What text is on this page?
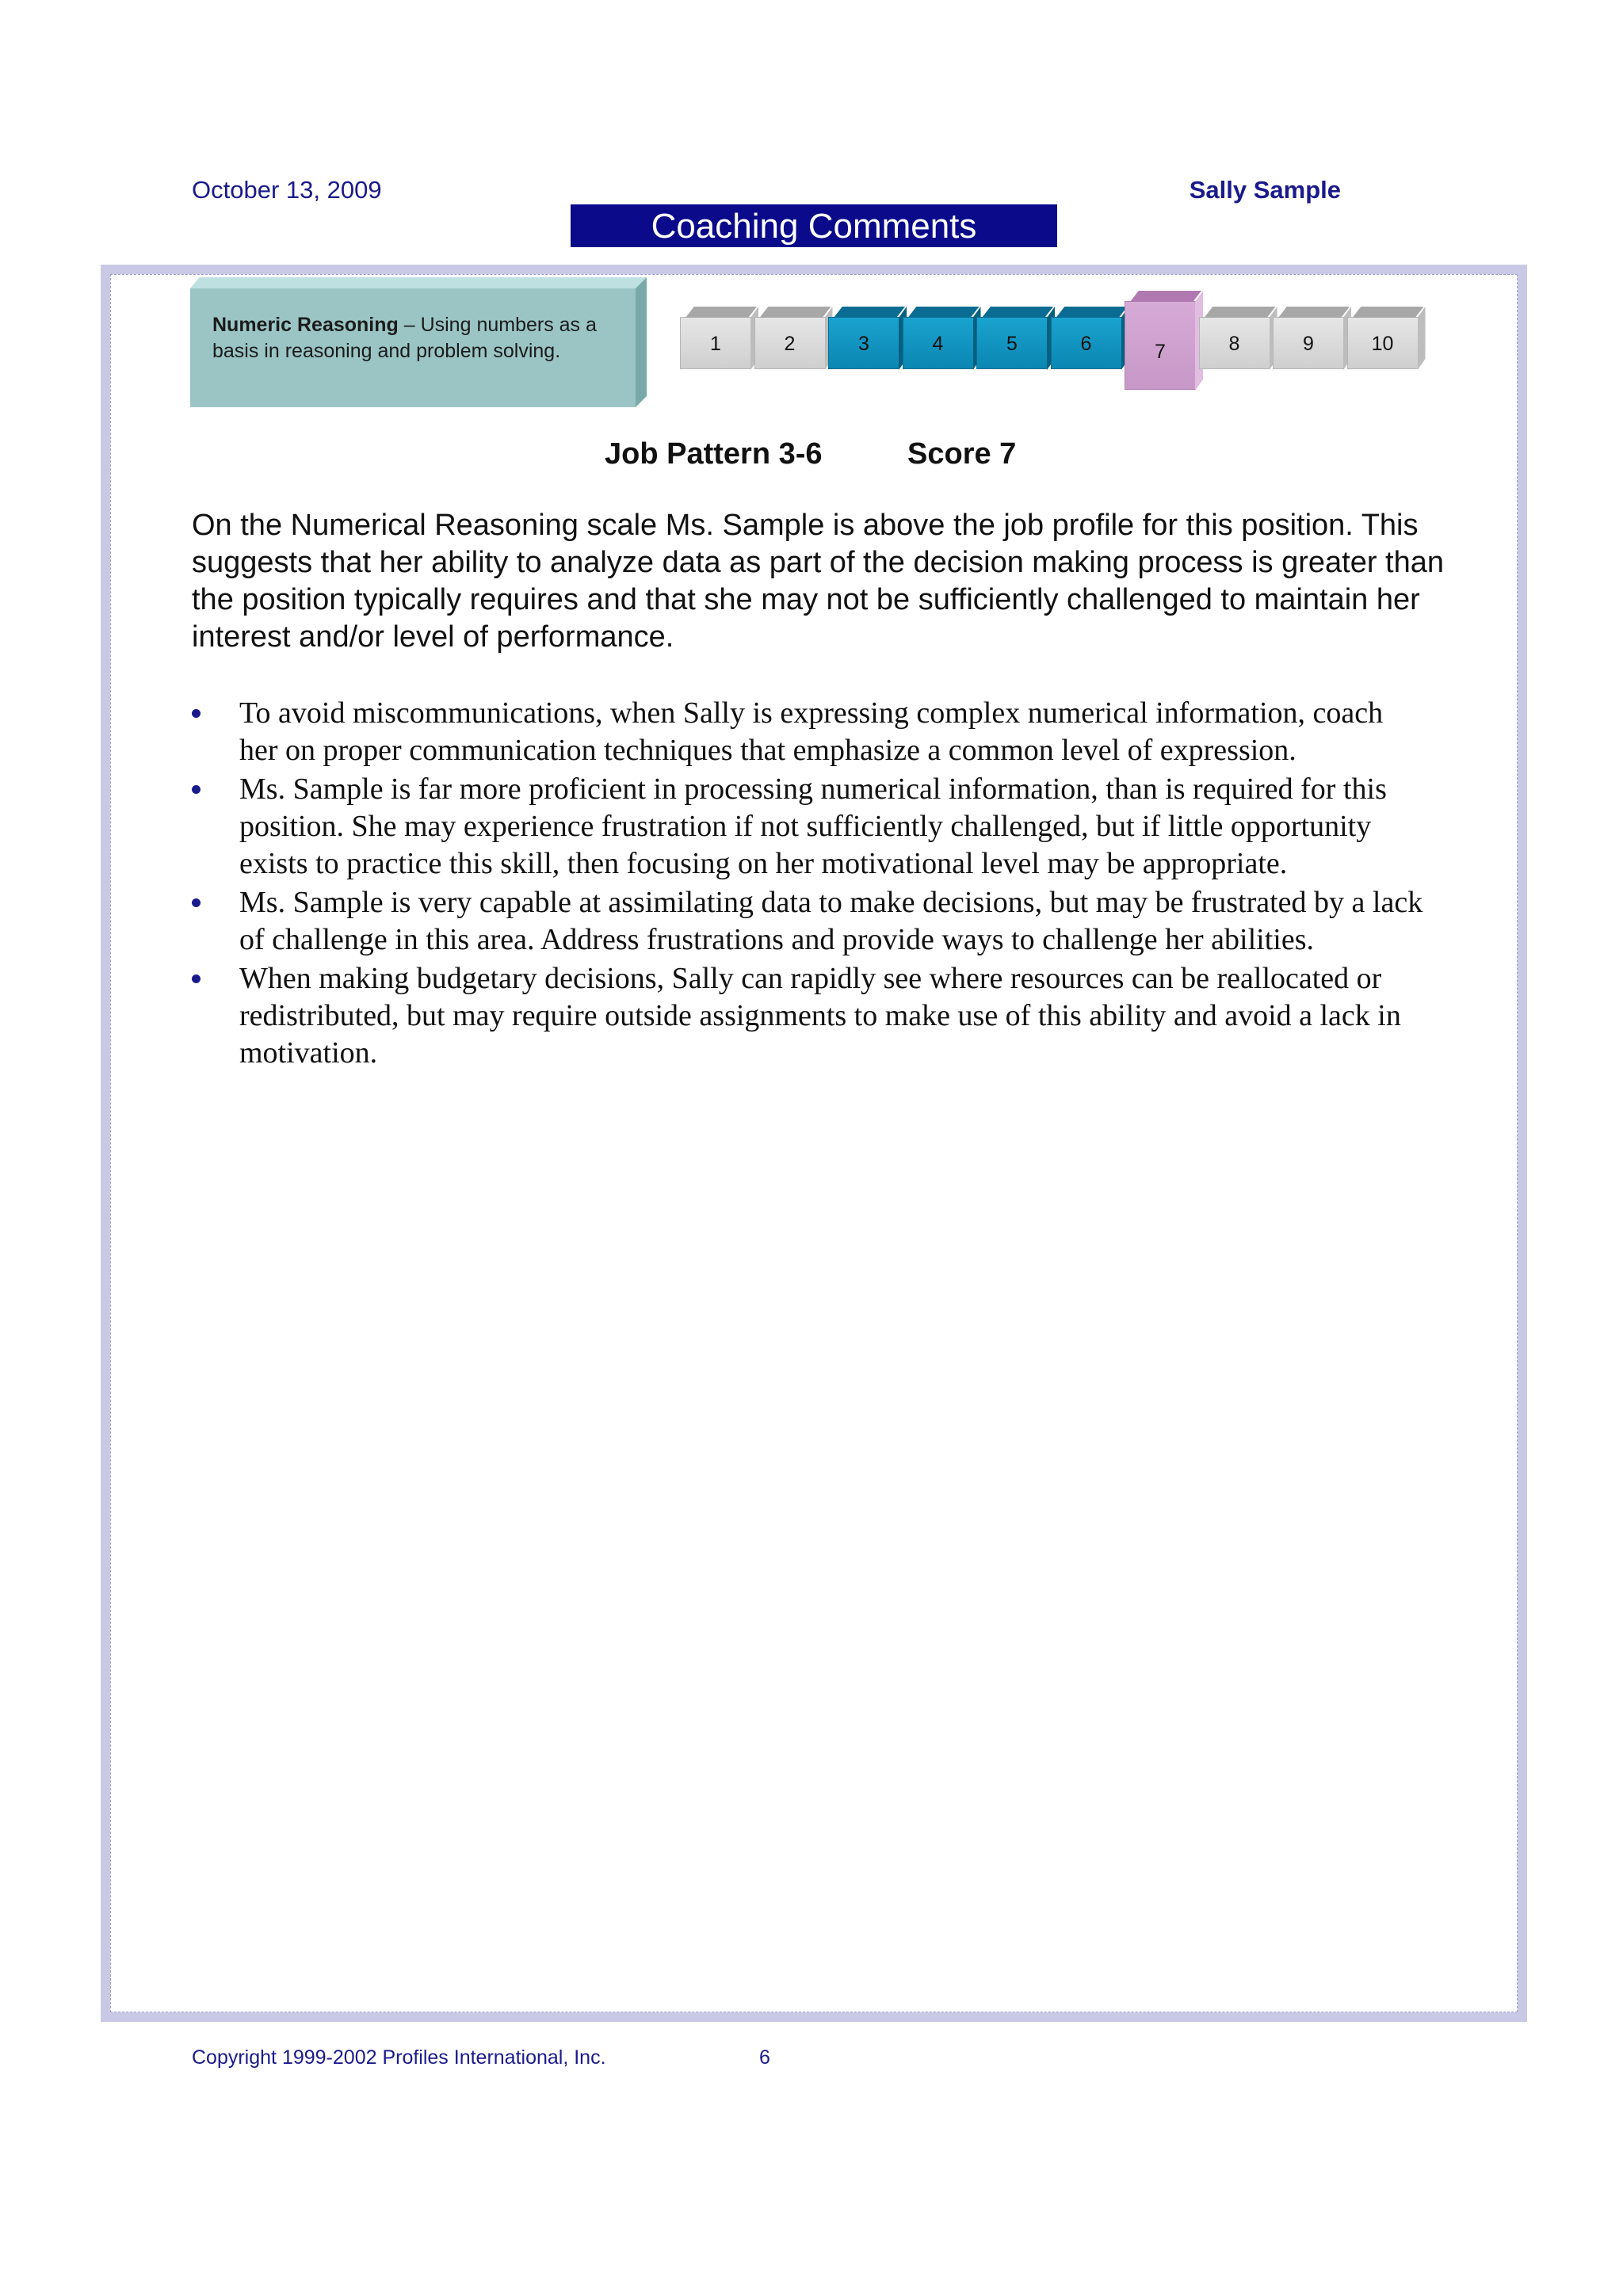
October 13, 2009	Sally Sample
Coaching Comments
Numeric Reasoning – Using numbers as a basis in reasoning and problem solving.	1	2	3	4	5	6	7	8	9	10
Job Pattern 3-6	Score 7
On the Numerical Reasoning scale Ms. Sample is above the job profile for this position. This suggests that her ability to analyze data as part of the decision making process is greater than the position typically requires and that she may not be sufficiently challenged to maintain her interest and/or level of performance.
To avoid miscommunications, when Sally is expressing complex numerical information, coach her on proper communication techniques that emphasize a common level of expression.
Ms. Sample is far more proficient in processing numerical information, than is required for this position. She may experience frustration if not sufficiently challenged, but if little opportunity exists to practice this skill, then focusing on her motivational level may be appropriate.
Ms. Sample is very capable at assimilating data to make decisions, but may be frustrated by a lack of challenge in this area. Address frustrations and provide ways to challenge her abilities.
When making budgetary decisions, Sally can rapidly see where resources can be reallocated or redistributed, but may require outside assignments to make use of this ability and avoid a lack in motivation.
Copyright 1999-2002 Profiles International, Inc.	6
